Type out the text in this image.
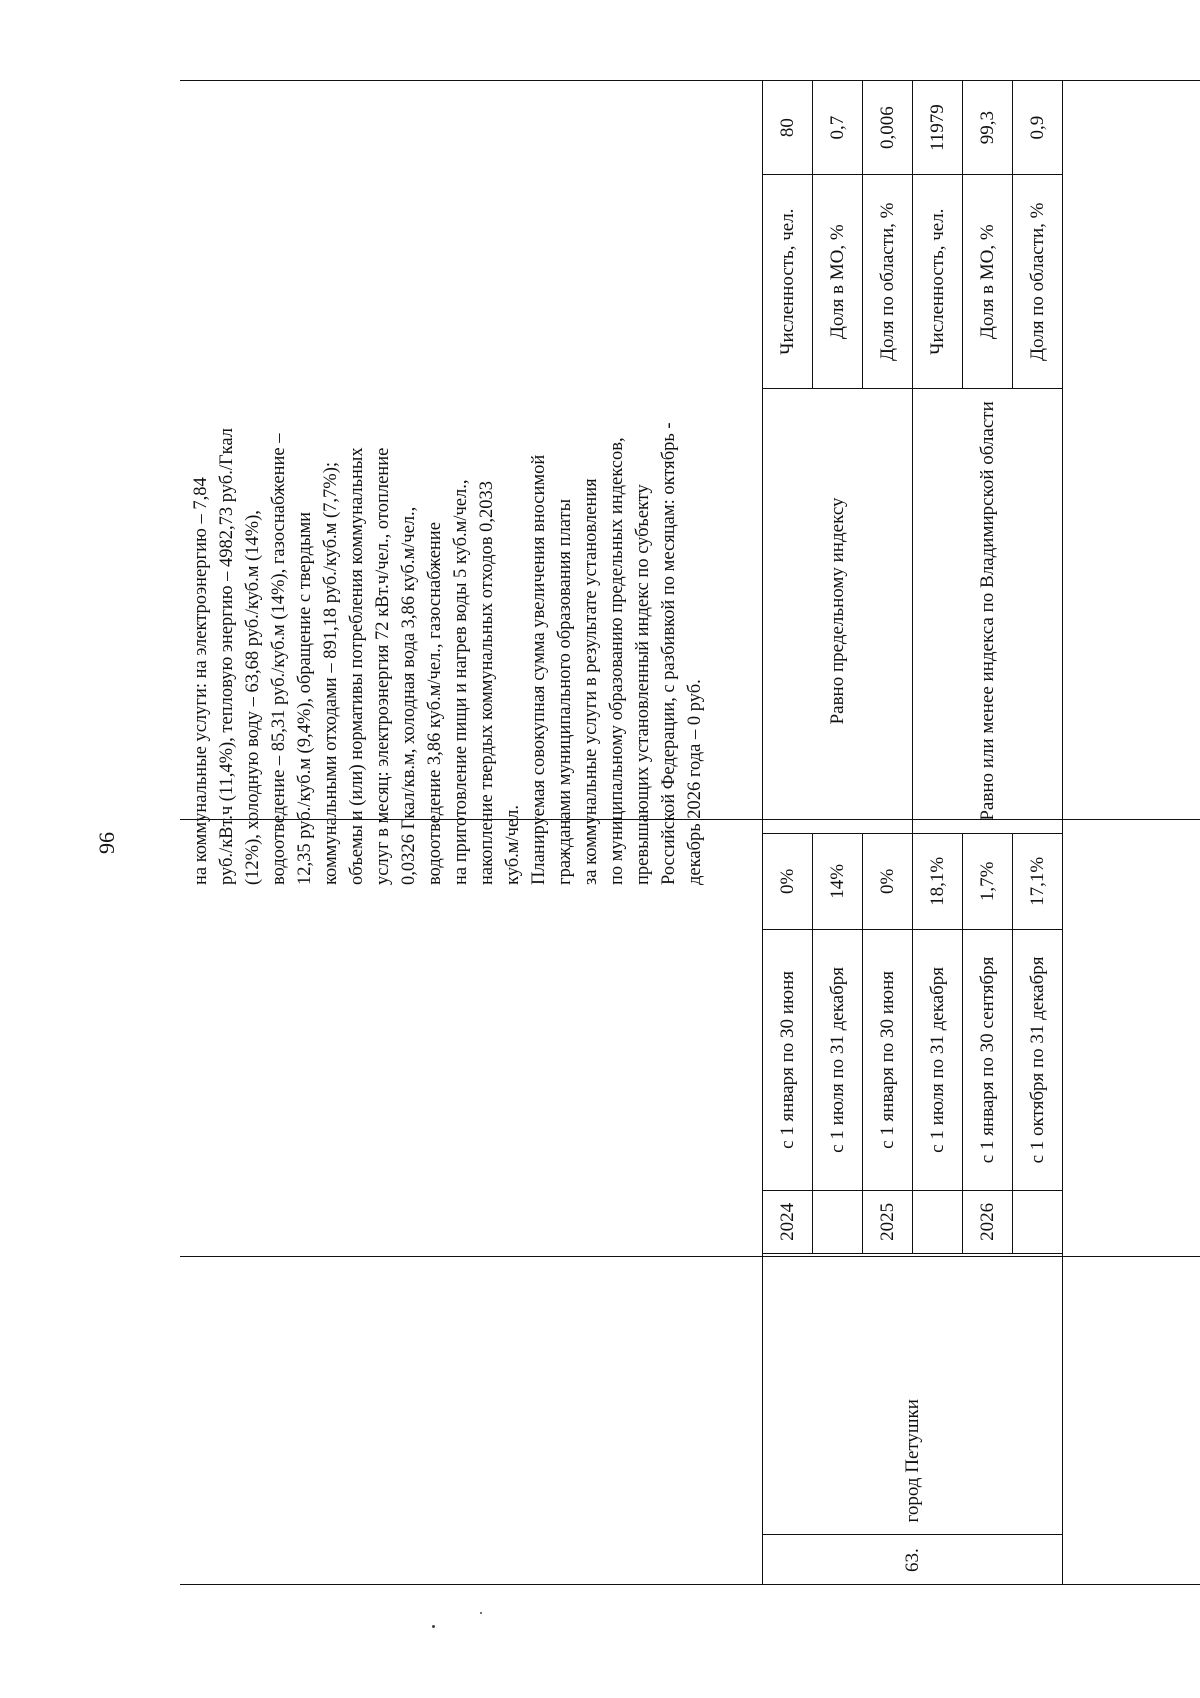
96	на коммунальные услуги: на электроэнергию – 7,84 руб./кВт.ч (11,4%), тепловую энергию – 4982,73 руб./Гкал (12%), холодную воду – 63,68 руб./куб.м (14%), водоотведение – 85,31 руб./куб.м (14%), газоснабжение – 12,35 руб./куб.м (9,4%), обращение с твердыми коммунальными отходами – 891,18 руб./куб.м (7,7%); объемы и (или) нормативы потребления коммунальных услуг в месяц: электроэнергия 72 кВт.ч/чел., отопление 0,0326 Гкал/кв.м, холодная вода 3,86 куб.м/чел., водоотведение 3,86 куб.м/чел., газоснабжение на приготовление пищи и нагрев воды 5 куб.м/чел., накопление твердых коммунальных отходов 0,2033 куб.м/чел. Планируемая совокупная сумма увеличения вносимой гражданами муниципального образования платы за коммунальные услуги в результате установления по муниципальному образованию предельных индексов, превышающих установленный индекс по субъекту Российской Федерации, с разбивкой по месяцам: октябрь - декабрь 2026 года – 0 руб.
63.	город Петушки	2024	с 1 января по 30 июня	0%	Равно предельному индексу	Численность, чел.	80
			с 1 июля по 31 декабря	14%		Доля в МО, %	0,7
		2025	с 1 января по 30 июня	0%		Доля по области, %	0,006
			с 1 июля по 31 декабря	18,1%	Равно или менее индекса по Владимирской области	Численность, чел.	11979
		2026	с 1 января по 30 сентября	1,7%		Доля в МО, %	99,3
			с 1 октября по 31 декабря	17,1%		Доля по области, %	0,9
